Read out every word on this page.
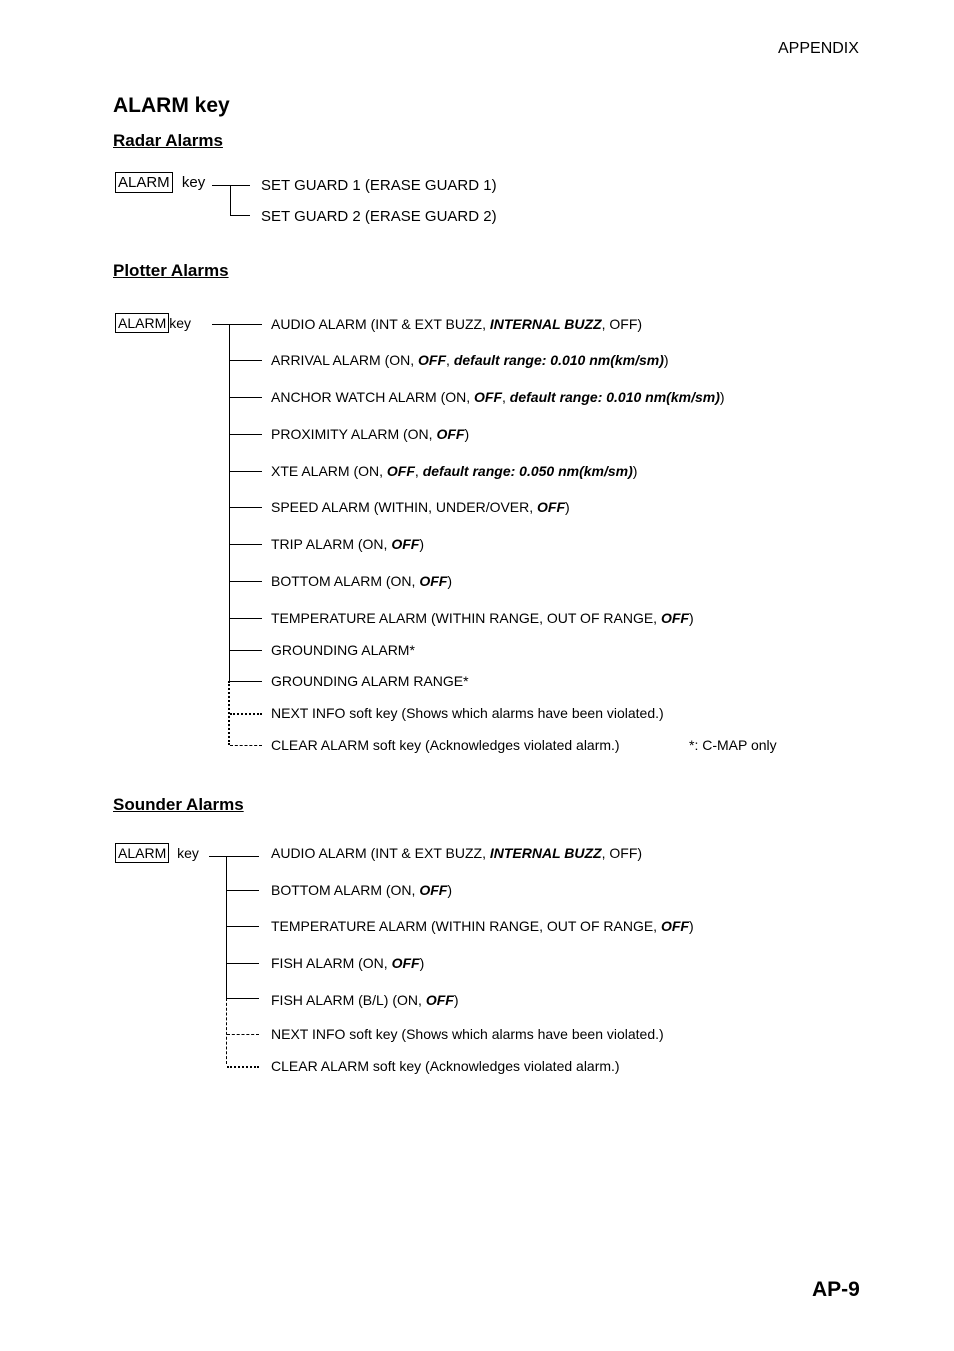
APPENDIX
ALARM key
Radar Alarms
ALARM key	SET GUARD 1 (ERASE GUARD 1)
SET GUARD 2 (ERASE GUARD 2)
Plotter Alarms
ALARM key	AUDIO ALARM (INT & EXT BUZZ, INTERNAL BUZZ, OFF)
ARRIVAL ALARM (ON, OFF, default range: 0.010 nm(km/sm))
ANCHOR WATCH ALARM (ON, OFF, default range: 0.010 nm(km/sm))
PROXIMITY ALARM (ON, OFF)
XTE ALARM (ON, OFF, default range: 0.050 nm(km/sm))
SPEED ALARM (WITHIN, UNDER/OVER, OFF)
TRIP ALARM (ON, OFF)
BOTTOM ALARM (ON, OFF)
TEMPERATURE ALARM (WITHIN RANGE, OUT OF RANGE, OFF)
GROUNDING ALARM*
GROUNDING ALARM RANGE*
NEXT INFO soft key (Shows which alarms have been violated.)
CLEAR ALARM soft key (Acknowledges violated alarm.)	*: C-MAP only
Sounder Alarms
ALARM key	AUDIO ALARM (INT & EXT BUZZ, INTERNAL BUZZ, OFF)
BOTTOM ALARM (ON, OFF)
TEMPERATURE ALARM (WITHIN RANGE, OUT OF RANGE, OFF)
FISH ALARM (ON, OFF)
FISH ALARM (B/L) (ON, OFF)
NEXT INFO soft key (Shows which alarms have been violated.)
CLEAR ALARM soft key (Acknowledges violated alarm.)
AP-9
